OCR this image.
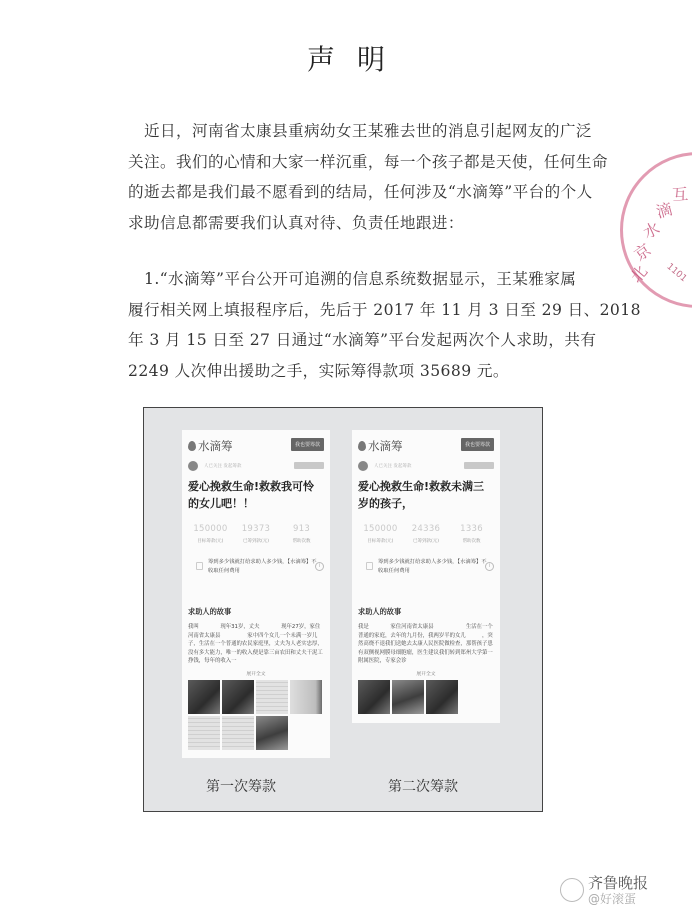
声明
近日，河南省太康县重病幼女王某雅去世的消息引起网友的广泛
关注。我们的心情和大家一样沉重，每一个孩子都是天使，任何生命
的逝去都是我们最不愿看到的结局，任何涉及“水滴筹”平台的个人
求助信息都需要我们认真对待、负责任地跟进：
1.“水滴筹”平台公开可追溯的信息系统数据显示，王某雅家属
履行相关网上填报程序后，先后于 2017 年 11 月 3 日至 29 日、2018
年 3 月 15 日至 27 日通过“水滴筹”平台发起两次个人求助，共有
2249 人次伸出援助之手，实际筹得款项 35689 元。
北
京
水
滴
互
1101
水滴筹	我也要筹款
人已关注 发起筹款
爱心挽救生命!救救我可怜的女儿吧！！
150000
目标筹款(元)
19373
已筹到款(元)
913
帮助次数
筹到多少钱就打给求助人多少钱，【水滴筹】不收取任何费用
i
求助人的故事
我叫　　　　现年31岁，丈夫　　　　现年27岁，家住河南省太康县　　　　　家中四个女儿一个未满一岁儿子，生活在一个普通的农民家庭里，丈夫为人老实忠厚，没有多大能力，唯一的收入便是靠三亩农田和丈夫干泥工挣钱，每年的收入一
展开全文
水滴筹	我也要筹款
人已关注 发起筹款
爱心挽救生命!救救未满三岁的孩子，
150000
目标筹款(元)
24336
已筹到款(元)
1336
帮助次数
筹到多少钱就打给求助人多少钱，【水滴筹】不收取任何费用
i
求助人的故事
我是　　　　家住河南省太康县　　　　　　生活在一个普通的家庭，去年的九月份，我两岁半的女儿　　　，突然高烧不退我们送她去太康人民医院做检查，那帮孩子患有双侧视网膜母细胞瘤，医生建议我们转到郑州大学第一附属医院，专家会诊
展开全文
第一次筹款	第二次筹款
齐鲁晚报
@好滚蛋
